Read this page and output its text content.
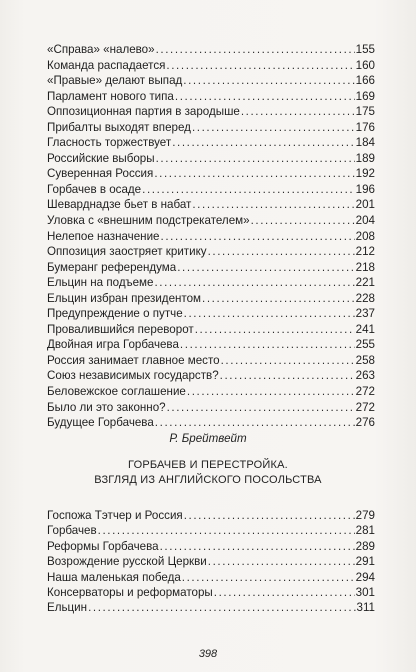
«Справа» «налево» .....	155
Команда распадается .....	160
«Правые» делают выпад .....	166
Парламент нового типа .....	169
Оппозиционная партия в зародыше .....	175
Прибалты выходят вперед .....	176
Гласность торжествует .....	184
Российские выборы .....	189
Суверенная Россия .....	192
Горбачев в осаде .....	196
Шеварднадзе бьет в набат .....	201
Уловка с «внешним подстрекателем» .....	204
Нелепое назначение .....	208
Оппозиция заостряет критику .....	212
Бумеранг референдума .....	218
Ельцин на подъеме .....	221
Ельцин избран президентом .....	228
Предупреждение о путче .....	237
Провалившийся переворот .....	241
Двойная игра Горбачева .....	255
Россия занимает главное место .....	258
Союз независимых государств? .....	263
Беловежское соглашение .....	272
Было ли это законно? .....	272
Будущее Горбачева .....	276
Р. Брейтвейт
ГОРБАЧЕВ И ПЕРЕСТРОЙКА.
ВЗГЛЯД ИЗ АНГЛИЙСКОГО ПОСОЛЬСТВА
Госпожа Тэтчер и Россия .....	279
Горбачев .....	281
Реформы Горбачева .....	289
Возрождение русской Церкви .....	291
Наша маленькая победа .....	294
Консерваторы и реформаторы .....	301
Ельцин .....	311
398
